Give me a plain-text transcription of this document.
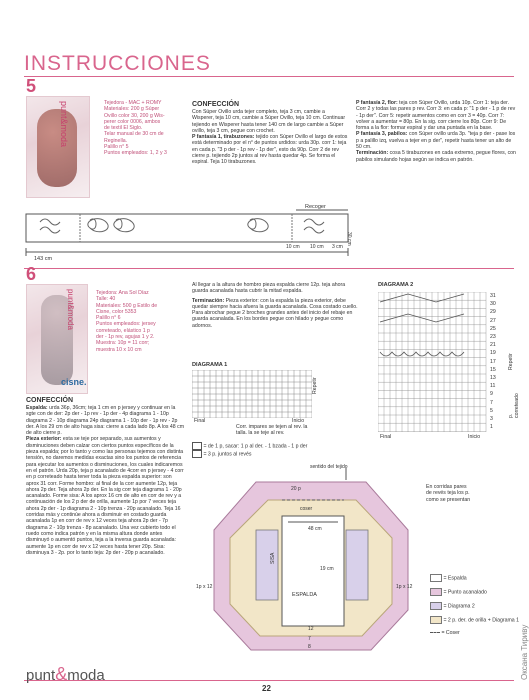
INSTRUCCIONES
5
punt&moda	Tejedora - MAC + ROMY
Materiales: 200 g Súper
Ovillo color 30, 200 g Wis-
perer color 0006, ambos
de textil El Siglo.
Telar manual de 30 cm de
Reginella.
Palillo n° 5
Puntos empleados: 1, 2 y 3
CONFECCIÓN
Con Súper Ovillo urda tejer completo, teja 3 cm, cambie a Wisperer, teja 10 cm, cambie a Súper Ovillo, teja 10 cm. Continuar tejiendo en Wisperer hasta tener 140 cm de largo cambie a Súper ovillo, teja 3 cm, pegue con crochet.
P fantasía 1, tirabuzones: tejido con Súper Ovillo el largo de estos está determinado por el n° de puntos urdidos: urda 30p. corr 1: teja en cada p. "3 p der - 1p rev - 1p der", esto da 90p. Corr 2 de rev cierre p. tejiendo 2p juntos al rev hasta quedar 4p. Se forma el espiral. Teja 10 tirabuzones.
P fantasía 2, flor: teja con Súper Ovillo, urda 10p. Corr 1: teja der. Corr 2 y todas las pares p rev. Corr 3: en cada p: "1 p der - 1 p de rev - 1p der". Corr 5: repetir aumentos como en corr 3 = 40p. Corr 7: volver a aumentar = 80p. En la sig. corr cierre los 80p. Corr 9: De forma a la flor: formar espiral y dar una puntada en la base.
P fantasía 3, pabilos: con Súper ovillo urda 3p. "teja p der - pase los p a palillo izq, vuelva a tejer en p der", repetir hasta tener un alto de 50 cm.
Terminación: cosa 5 tirabuzones en cada extremo, pegue flores, con pabilos simulando hojas según se indica en patrón.
Recoger
143 cm
10 cm 10 cm 3 cm
30 cm
6
punt&moda
cisne.
Tejedora: Ana Sol Díaz
Talle: 40
Materiales: 500 g Estilo de
Cisne, color 5353
Palillo n° 6
Puntos empleados: jersey
correteado, elástico 1 p
der - 1p rev, agujas 1 y 2.
Muestra: 10p = 11 corr;
muestra 10 x 10 cm
Al llegar a la altura de hombro pieza espalda cierre 12p. teja ahora guarda acanalada hasta cubrir la mitad espalda.
Terminación: Pieza exterior: con la espalda la pieza exterior, debe quedar siempre hacia afuera la guarda acanalada. Cosa costado cuello. Para abrochar pegue 2 broches grandes antes del inicio del rebaje en guarda acanalada. En los bordes pegue con hilado y pegue como adornos.
DIAGRAMA 1
Repetir
Final	Inicio
Corr. impares se tejen al rev. la talla. la se teje al rev.
= de 1 p, sacar: 1 p al der. - 1 bzada - 1 p der
= 3 p. juntos al revés
DIAGRAMA 2
31
30
29
27
25
23
21
19
17
15
13
11
9
7
5
3
1
Repetir
p. correteado
Final	Inicio
En corridas pares
de revés teja los p.
como se presentan
CONFECCIÓN
Espalda: urda 36p, 36cm; teja 1 cm en p jersey y continuar en la sgte con de der: 2p der - 1p rev - 1p der - 4p diagrama 1 - 10p diagrama 2 - 10p diagrama 24p diagrama 1 - 10p der - 1p rev - 2p der. A los 29 cm de alto haga sisa: cierre a cada lado 8p. A los 48 cm de alto cierre p.
Pieza exterior: esta se teje por separado, sus aumentos y disminuciones deben calzar con ciertos puntos específicos de la pieza espalda; por lo tanto y como las personas tejemos con distinta tensión, no daremos medidas exactas sino los puntos de referencia para ejecutar los aumentos o disminuciones, los cuales indicaremos en el patrón. Urda 20p, teja p acanalado de 4corr en p jersey - 4 corr en p correteado hasta tener toda la pieza espalda superior: son aprox 31 corr. Forme hombro: al final de la corr aumente 12p, teja ahora 2p der. Teja ahora 2p der. En la sig corr teja diagrama 1 - 20p acanalado. Forme sisa: A los aprox 16 cm de alto en corr de rev y a continuación de los 2 p der de orilla, aumente 1p por 7 veces teja ahora 2p der - 1p diagrama 2 - 10p trenza - 20p acanalado. Teja 16 corridas más y continúe ahora a disminuir en costado guarda acanalada 1p en corr de rev x 12 veces teja ahora 2p der - 7p diagrama 2 - 10p trenza - 8p acanalado. Una vez cubierto todo el ruedo como indica patrón y en la misma altura donde antes disminuyó o aumentó puntos, teja a la inversa guarda acanalada: aumente 1p en corr de rev x 12 veces hasta tener 20p. Sisa: disminuya 3 - 2p. por lo tanto teja: 2p der - 20p p acanalado.
sentido del tejido
20 p
coser
48 cm
19 cm
ESPALDA
SISA
12
7
8
1p x 12	1p x 12
= Espalda
= Punto acanalado
= Diagrama 2
= 2 p. der. de orilla + Diagrama 1
= Coser
punt&moda
22
Оксана Тириву
